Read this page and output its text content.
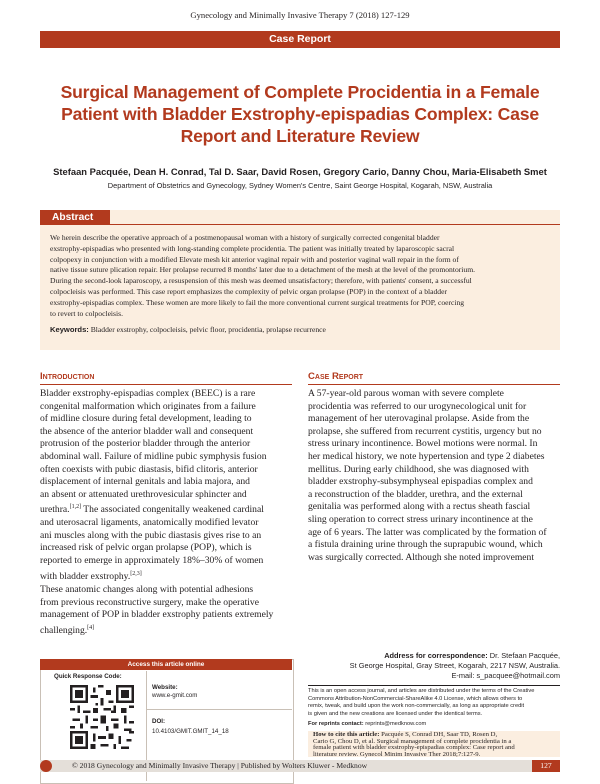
Gynecology and Minimally Invasive Therapy 7 (2018) 127-129
Case Report
Surgical Management of Complete Procidentia in a Female Patient with Bladder Exstrophy-epispadias Complex: Case Report and Literature Review
Stefaan Pacquée, Dean H. Conrad, Tal D. Saar, David Rosen, Gregory Cario, Danny Chou, Maria-Elisabeth Smet
Department of Obstetrics and Gynecology, Sydney Women's Centre, Saint George Hospital, Kogarah, NSW, Australia
Abstract
We herein describe the operative approach of a postmenopausal woman with a history of surgically corrected congenital bladder
exstrophy-epispadias who presented with long-standing complete procidentia. The patient was initially treated by laparoscopic sacral
colpopexy in conjunction with a modified Elevate mesh kit anterior vaginal repair with and posterior vaginal wall repair in the form of
native tissue suture plication repair. Her prolapse recurred 8 months' later due to a detachment of the mesh at the level of the promontorium.
During the second-look laparoscopy, a resuspension of this mesh was deemed unsatisfactory; therefore, with patients' consent, a successful
colpocleisis was performed. This case report emphasizes the complexity of pelvic organ prolapse (POP) in the context of a bladder
exstrophy-epispadias complex. These women are more likely to fail the more conventional current surgical treatments for POP, coercing
to revert to colpocleisis.
Keywords: Bladder exstrophy, colpocleisis, pelvic floor, procidentia, prolapse recurrence
Introduction
Bladder exstrophy-epispadias complex (BEEC) is a rare
congenital malformation which originates from a failure
of midline closure during fetal development, leading to
the absence of the anterior bladder wall and consequent
protrusion of the posterior bladder through the anterior
abdominal wall. Failure of midline pubic symphysis fusion
often coexists with pubic diastasis, bifid clitoris, anterior
displacement of internal genitals and labia majora, and
an absent or attenuated urethrovesicular sphincter and
urethra.[1,2] The associated congenitally weakened cardinal
and uterosacral ligaments, anatomically modified levator
ani muscles along with the pubic diastasis gives rise to an
increased risk of pelvic organ prolapse (POP), which is
reported to emerge in approximately 18%–30% of women
with bladder exstrophy.[2,3]
These anatomic changes along with potential adhesions
from previous reconstructive surgery, make the operative
management of POP in bladder exstrophy patients extremely
challenging.[4]
Access this article online
Quick Response Code:
Website:
www.e-gmit.com
DOI:
10.4103/GMIT.GMIT_14_18
Case Report
A 57-year-old parous woman with severe complete
procidentia was referred to our urogynecological unit for
management of her uterovaginal prolapse. Aside from the
prolapse, she suffered from recurrent cystitis, urgency but no
stress urinary incontinence. Bowel motions were normal. In
her medical history, we note hypertension and type 2 diabetes
mellitus. During early childhood, she was diagnosed with
bladder exstrophy-subsymphyseal epispadias complex and
a reconstruction of the bladder, urethra, and the external
genitalia was performed along with a rectus sheath fascial
sling operation to correct stress urinary incontinence at the
age of 6 years. The latter was complicated by the formation of
a fistula draining urine through the suprapubic wound, which
was surgically corrected. Although she noted improvement
Address for correspondence: Dr. Stefaan Pacquée,
St George Hospital, Gray Street, Kogarah, 2217 NSW, Australia.
E-mail: s_pacquee@hotmail.com
This is an open access journal, and articles are distributed under the terms of the Creative
Commons Attribution-NonCommercial-ShareAlike 4.0 License, which allows others to
remix, tweak, and build upon the work non-commercially, as long as appropriate credit
is given and the new creations are licensed under the identical terms.
For reprints contact: reprints@medknow.com
How to cite this article: Pacquée S, Conrad DH, Saar TD, Rosen D,
Cario G, Chou D, et al. Surgical management of complete procidentia in a
female patient with bladder exstrophy-epispadias complex: Case report and
literature review. Gynecol Minim Invasive Ther 2018;7:127-9.
© 2018 Gynecology and Minimally Invasive Therapy | Published by Wolters Kluwer - Medknow	127
